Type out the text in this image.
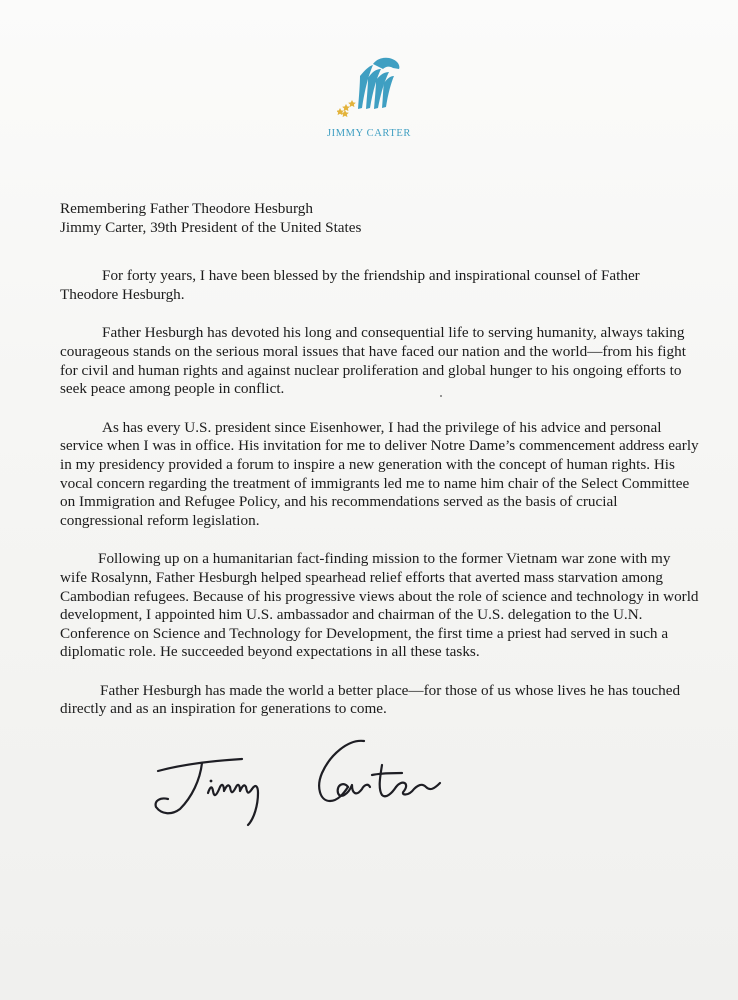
JIMMY CARTER

Remembering Father Theodore Hesburgh

Jimmy Carter, 39th President of the United States

For forty years, I have been blessed by the friendship and inspirational counsel of Father Theodore Hesburgh.

Father Hesburgh has devoted his long and consequential life to serving humanity, always taking courageous stands on the serious moral issues that have faced our nation and the world—from his fight for civil and human rights and against nuclear proliferation and global hunger to his ongoing efforts to seek peace among people in conflict.

As has every U.S. president since Eisenhower, I had the privilege of his advice and personal service when I was in office. His invitation for me to deliver Notre Dame’s commencement address early in my presidency provided a forum to inspire a new generation with the concept of human rights. His vocal concern regarding the treatment of immigrants led me to name him chair of the Select Committee on Immigration and Refugee Policy, and his recommendations served as the basis of crucial congressional reform legislation.

Following up on a humanitarian fact-finding mission to the former Vietnam war zone with my wife Rosalynn, Father Hesburgh helped spearhead relief efforts that averted mass starvation among Cambodian refugees. Because of his progressive views about the role of science and technology in world development, I appointed him U.S. ambassador and chairman of the U.S. delegation to the U.N. Conference on Science and Technology for Development, the first time a priest had served in such a diplomatic role. He succeeded beyond expectations in all these tasks.

Father Hesburgh has made the world a better place—for those of us whose lives he has touched directly and as an inspiration for generations to come.
